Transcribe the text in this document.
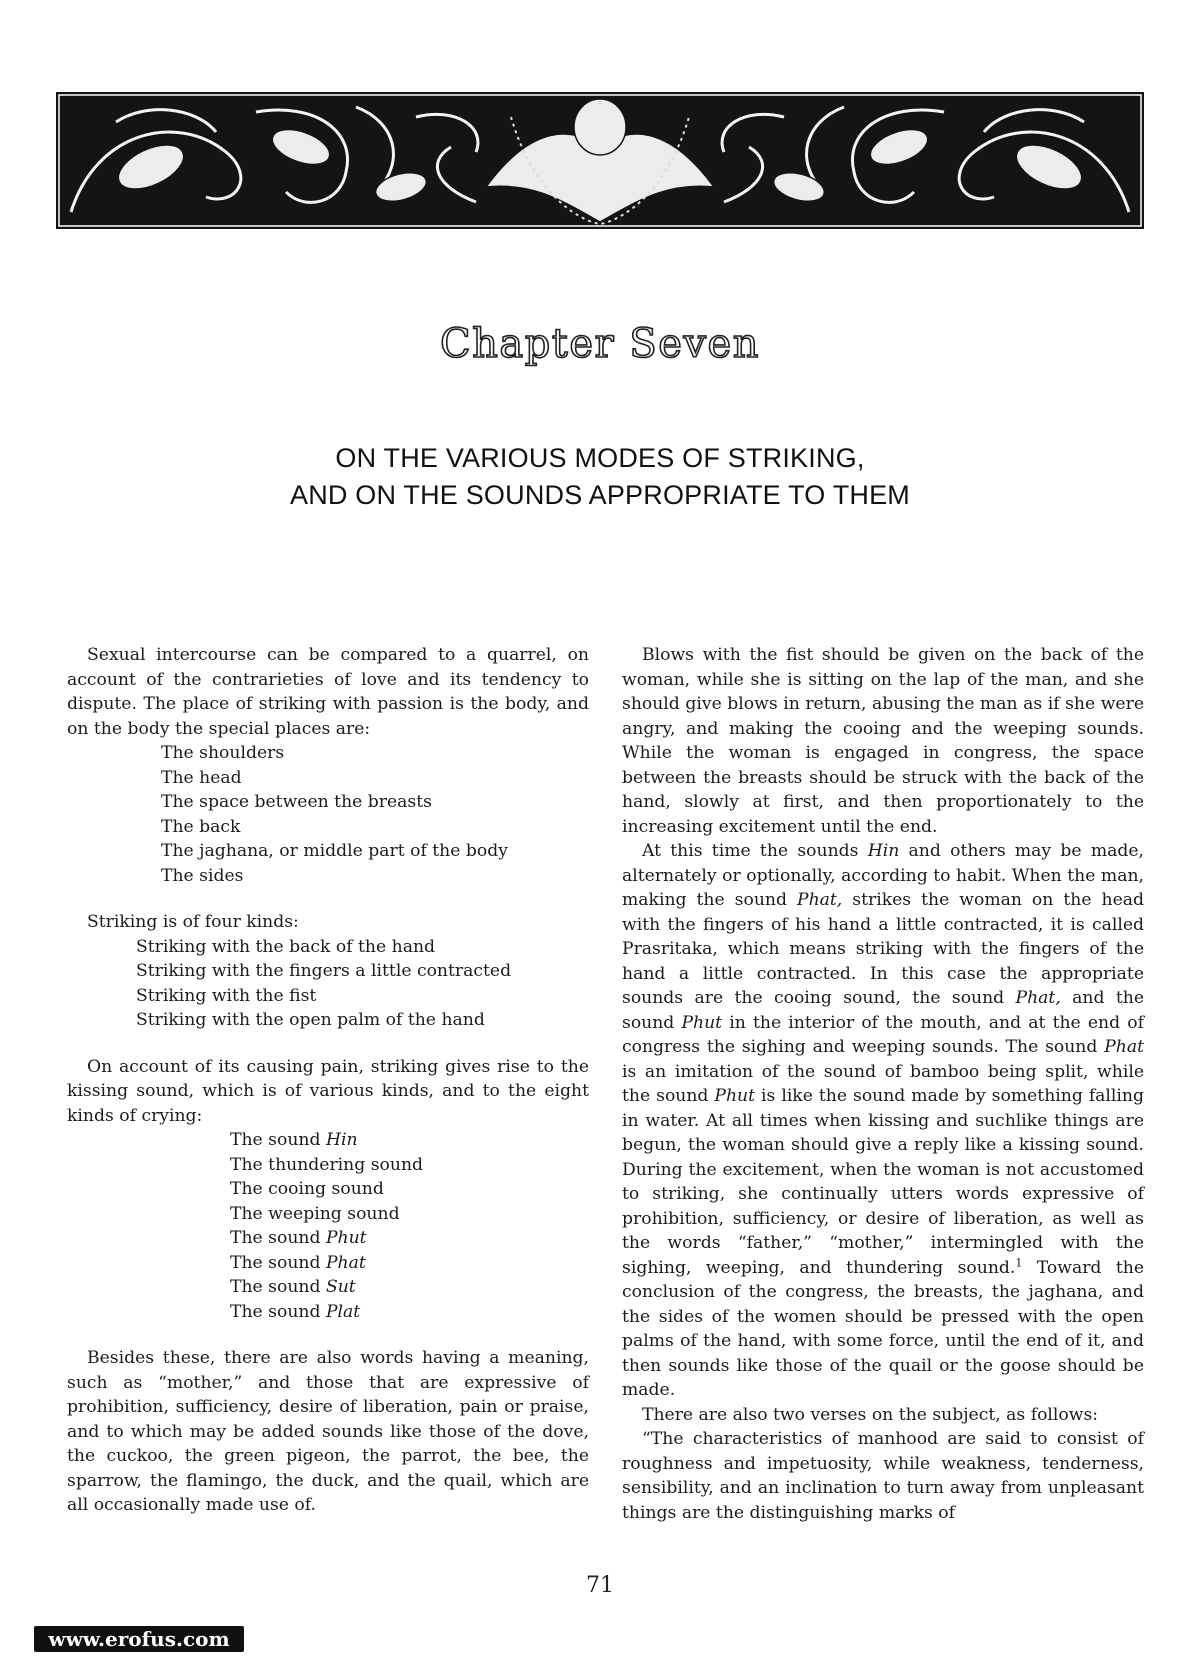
Chapter Seven
ON THE VARIOUS MODES OF STRIKING,
AND ON THE SOUNDS APPROPRIATE TO THEM

Sexual intercourse can be compared to a quarrel, on account of the contrarieties of love and its tendency to dispute. The place of striking with passion is the body, and on the body the special places are:

The shoulders
The head
The space between the breasts
The back
The jaghana, or middle part of the body
The sides

Striking is of four kinds:

Striking with the back of the hand
Striking with the fingers a little contracted
Striking with the fist
Striking with the open palm of the hand

On account of its causing pain, striking gives rise to the kissing sound, which is of various kinds, and to the eight kinds of crying:

The sound Hin
The thundering sound
The cooing sound
The weeping sound
The sound Phut
The sound Phat
The sound Sut
The sound Plat

Besides these, there are also words having a meaning, such as “mother,” and those that are expressive of prohibition, sufficiency, desire of liberation, pain or praise, and to which may be added sounds like those of the dove, the cuckoo, the green pigeon, the parrot, the bee, the sparrow, the flamingo, the duck, and the quail, which are all occasionally made use of.

Blows with the fist should be given on the back of the woman, while she is sitting on the lap of the man, and she should give blows in return, abusing the man as if she were angry, and making the cooing and the weeping sounds. While the woman is engaged in congress, the space between the breasts should be struck with the back of the hand, slowly at first, and then proportionately to the increasing excitement until the end.

At this time the sounds Hin and others may be made, alternately or optionally, according to habit. When the man, making the sound Phat, strikes the woman on the head with the fingers of his hand a little contracted, it is called Prasritaka, which means striking with the fingers of the hand a little contracted. In this case the appropriate sounds are the cooing sound, the sound Phat, and the sound Phut in the interior of the mouth, and at the end of congress the sighing and weeping sounds. The sound Phat is an imitation of the sound of bamboo being split, while the sound Phut is like the sound made by something falling in water. At all times when kissing and suchlike things are begun, the woman should give a reply like a kissing sound. During the excitement, when the woman is not accustomed to striking, she continually utters words expressive of prohibition, sufficiency, or desire of liberation, as well as the words “father,” “mother,” intermingled with the sighing, weeping, and thundering sound.$^1$ Toward the conclusion of the congress, the breasts, the jaghana, and the sides of the women should be pressed with the open palms of the hand, with some force, until the end of it, and then sounds like those of the quail or the goose should be made.

There are also two verses on the subject, as follows:

“The characteristics of manhood are said to consist of roughness and impetuosity, while weakness, tenderness, sensibility, and an inclination to turn away from unpleasant things are the distinguishing marks of

71
www.erofus.com
